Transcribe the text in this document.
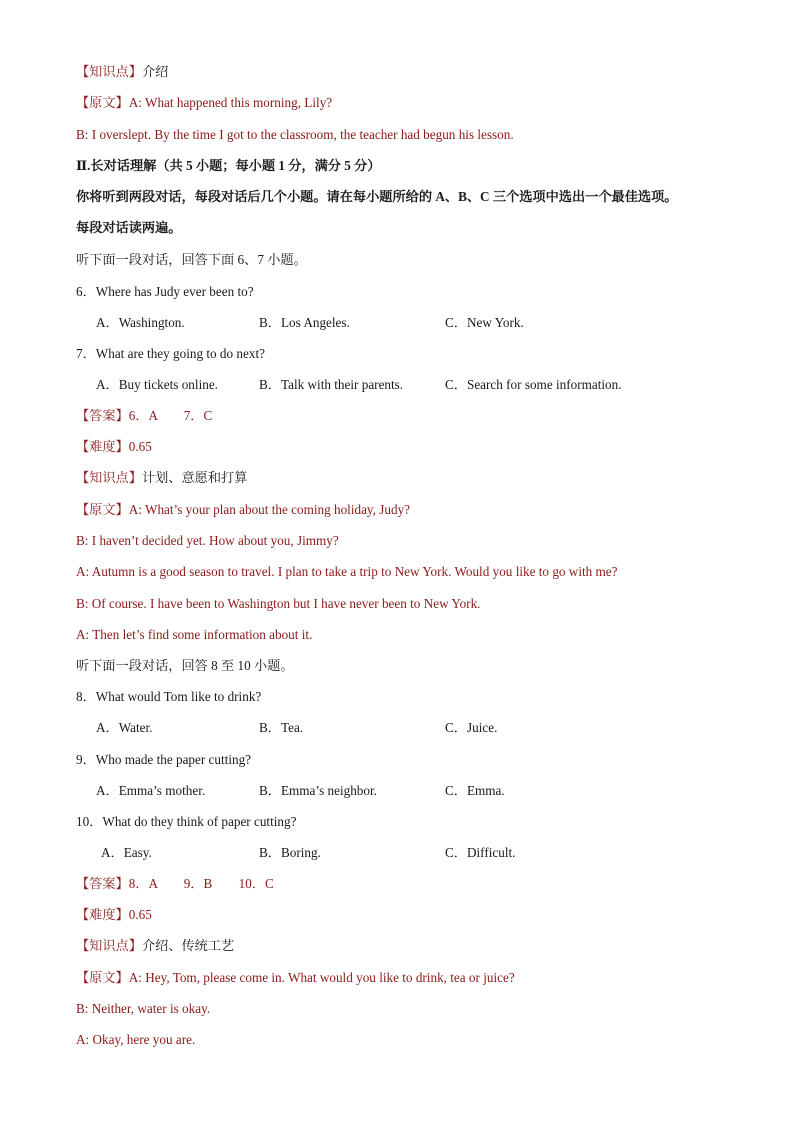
【知识点】介绍
【原文】A: What happened this morning, Lily?
B: I overslept. By the time I got to the classroom, the teacher had begun his lesson.
Ⅱ.长对话理解（共 5 小题；每小题 1 分，满分 5 分）
你将听到两段对话，每段对话后几个小题。请在每小题所给的 A、B、C 三个选项中选出一个最佳选项。
每段对话读两遍。
听下面一段对话，回答下面 6、7 小题。
6．Where has Judy ever been to?
A．Washington.	B．Los Angeles.	C．New York.
7．What are they going to do next?
A．Buy tickets online.	B．Talk with their parents.	C．Search for some information.
【答案】6．A　　7．C
【难度】0.65
【知识点】计划、意愿和打算
【原文】A: What’s your plan about the coming holiday, Judy?
B: I haven’t decided yet. How about you, Jimmy?
A: Autumn is a good season to travel. I plan to take a trip to New York. Would you like to go with me?
B: Of course. I have been to Washington but I have never been to New York.
A: Then let’s find some information about it.
听下面一段对话，回答 8 至 10 小题。
8．What would Tom like to drink?
A．Water.	B．Tea.	C．Juice.
9．Who made the paper cutting?
A．Emma’s mother.	B．Emma’s neighbor.	C．Emma.
10．What do they think of paper cutting?
A．Easy.	B．Boring.	C．Difficult.
【答案】8．A　　9．B　　10．C
【难度】0.65
【知识点】介绍、传统工艺
【原文】A: Hey, Tom, please come in. What would you like to drink, tea or juice?
B: Neither, water is okay.
A: Okay, here you are.
